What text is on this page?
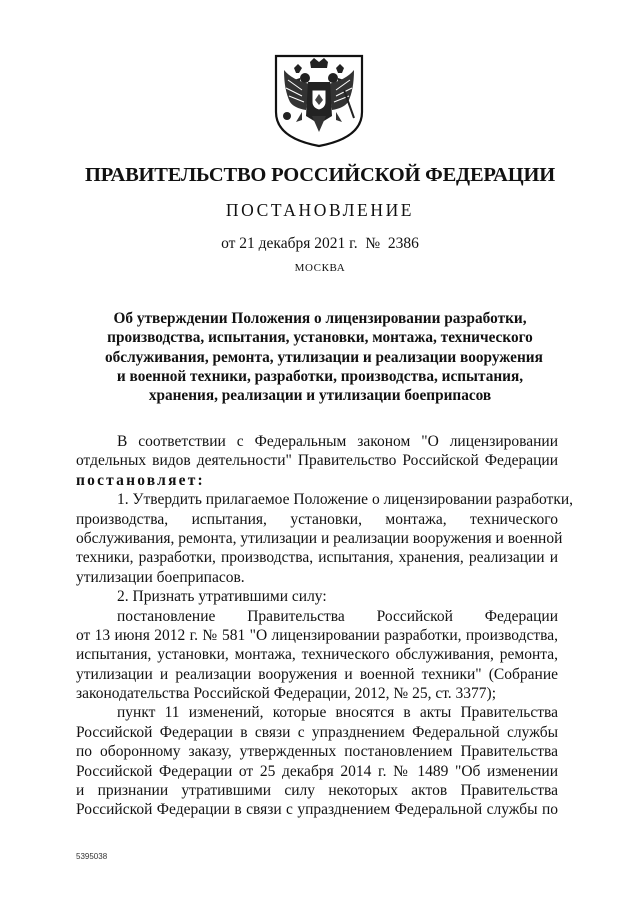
ПРАВИТЕЛЬСТВО РОССИЙСКОЙ ФЕДЕРАЦИИ
ПОСТАНОВЛЕНИЕ
от 21 декабря 2021 г.  №  2386
МОСКВА
Об утверждении Положения о лицензировании разработки,
производства, испытания, установки, монтажа, технического
обслуживания, ремонта, утилизации и реализации вооружения
и военной техники, разработки, производства, испытания,
хранения, реализации и утилизации боеприпасов
В соответствии с Федеральным законом "О лицензировании
отдельных видов деятельности" Правительство Российской Федерации
постановляет:
1. Утвердить прилагаемое Положение о лицензировании разработки,
производства, испытания, установки, монтажа, технического
обслуживания, ремонта, утилизации и реализации вооружения и военной
техники, разработки, производства, испытания, хранения, реализации и
утилизации боеприпасов.
2. Признать утратившими силу:
постановление Правительства Российской Федерации
от 13 июня 2012 г. № 581 "О лицензировании разработки, производства,
испытания, установки, монтажа, технического обслуживания, ремонта,
утилизации и реализации вооружения и военной техники" (Собрание
законодательства Российской Федерации, 2012, № 25, ст. 3377);
пункт 11 изменений, которые вносятся в акты Правительства
Российской Федерации в связи с упразднением Федеральной службы
по оборонному заказу, утвержденных постановлением Правительства
Российской Федерации от 25 декабря 2014 г. № 1489 "Об изменении
и признании утратившими силу некоторых актов Правительства
Российской Федерации в связи с упразднением Федеральной службы по
5395038
